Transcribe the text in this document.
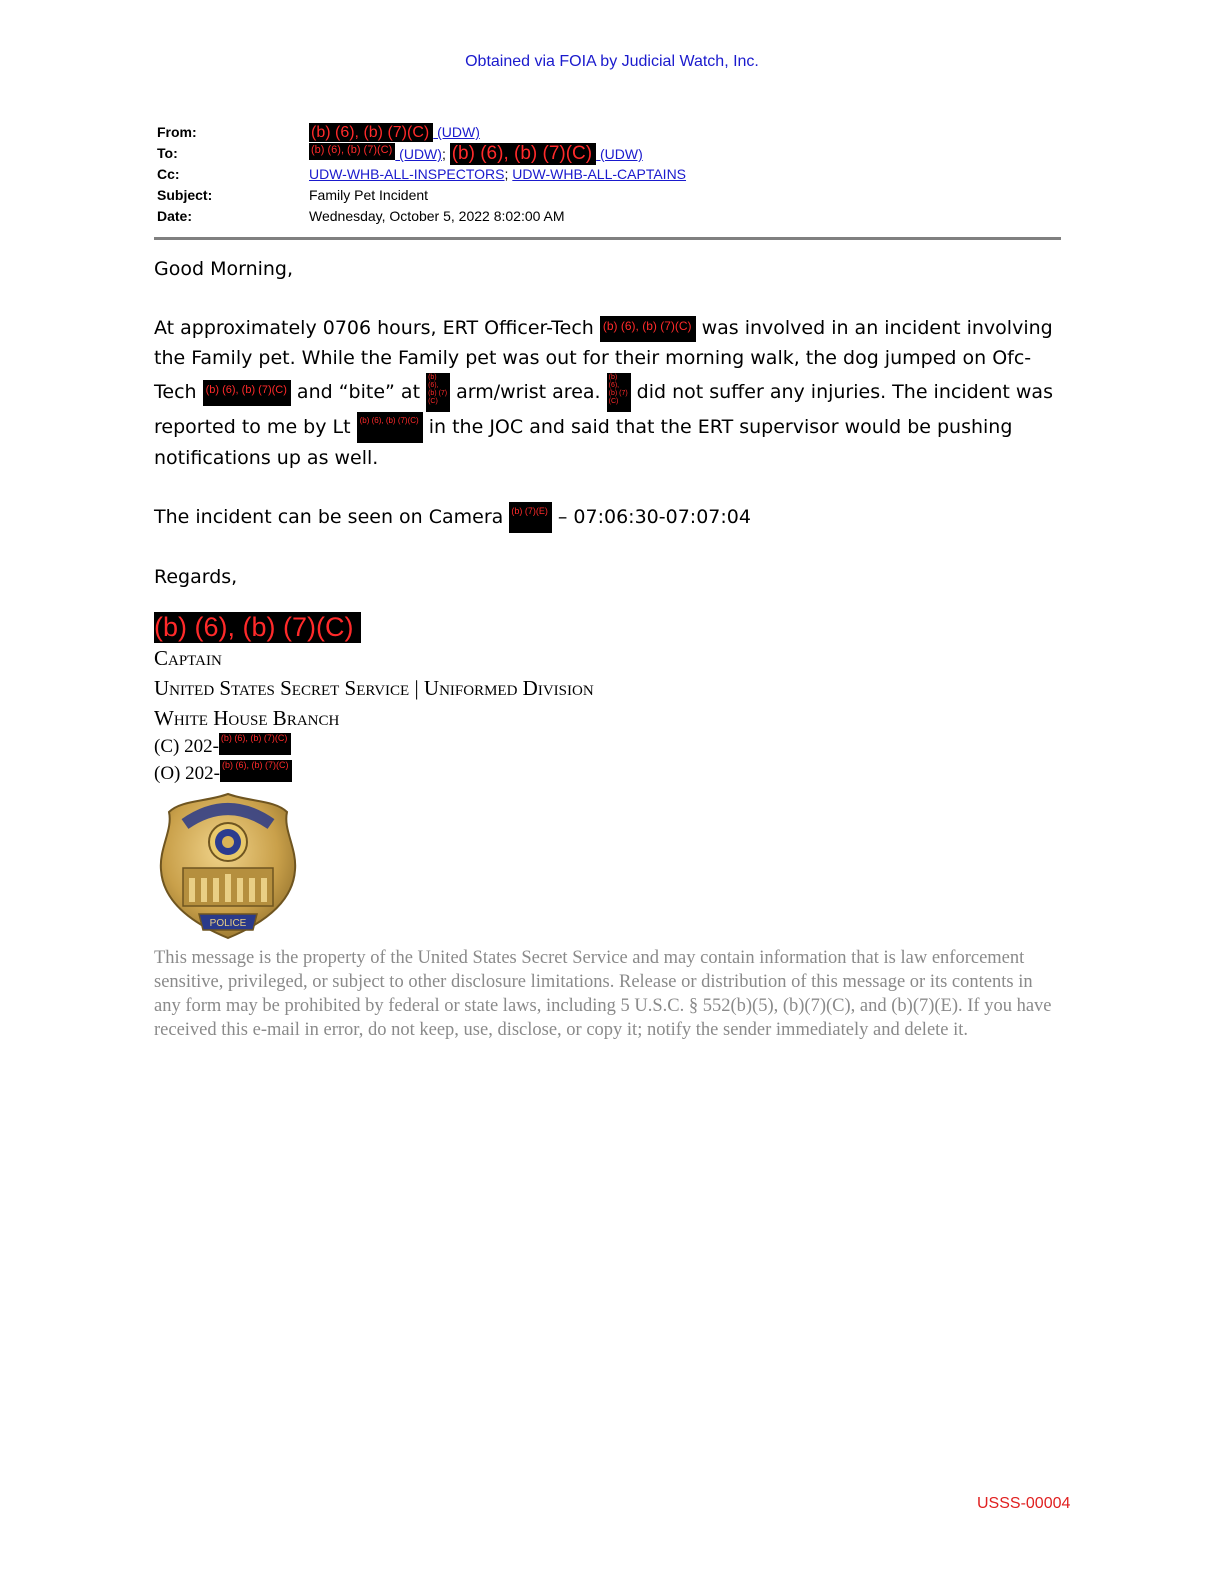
Obtained via FOIA by Judicial Watch, Inc.
From:	(b) (6), (b) (7)(C) (UDW)
To:	(b) (6), (b) (7)(C) (UDW); (b) (6), (b) (7)(C) (UDW)
Cc:	UDW-WHB-ALL-INSPECTORS; UDW-WHB-ALL-CAPTAINS
Subject:	Family Pet Incident
Date:	Wednesday, October 5, 2022 8:02:00 AM

Good Morning,

At approximately 0706 hours, ERT Officer-Tech (b) (6), (b) (7)(C) was involved in an incident involving the Family pet. While the Family pet was out for their morning walk, the dog jumped on Ofc-Tech (b) (6), (b) (7)(C) and “bite” at (b) (6), (b) (7)(C) arm/wrist area. (b) (6), (b) (7)(C) did not suffer any injuries. The incident was reported to me by Lt (b) (6), (b) (7)(C) in the JOC and said that the ERT supervisor would be pushing notifications up as well.

The incident can be seen on Camera (b) (7)(E) – 07:06:30-07:07:04

Regards,

(b) (6), (b) (7)(C)
Captain
United States Secret Service | Uniformed Division
White House Branch
(C) 202- (b) (6), (b) (7)(C)
(O) 202- (b) (6), (b) (7)(C)
POLICE
This message is the property of the United States Secret Service and may contain information that is law enforcement sensitive, privileged, or subject to other disclosure limitations. Release or distribution of this message or its contents in any form may be prohibited by federal or state laws, including 5 U.S.C. § 552(b)(5), (b)(7)(C), and (b)(7)(E). If you have received this e-mail in error, do not keep, use, disclose, or copy it; notify the sender immediately and delete it.
USSS-00004
